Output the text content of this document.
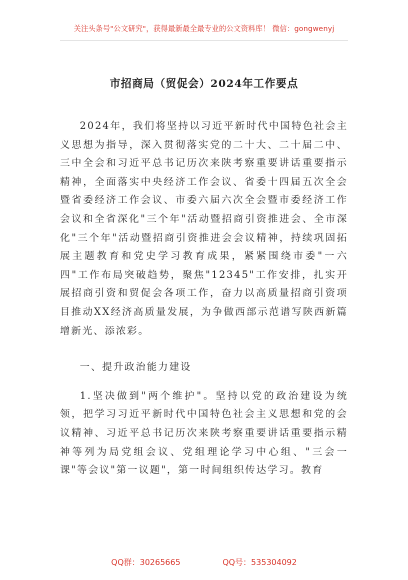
关注头条号"公文研究"，获得最新最全最专业的公文资料库！ 微信：gongwenyj
市招商局（贸促会）2024年工作要点

2024年，我们将坚持以习近平新时代中国特色社会主义思想为指导，深入贯彻落实党的二十大、二十届二中、三中全会和习近平总书记历次来陕考察重要讲话重要指示精神，全面落实中央经济工作会议、省委十四届五次全会暨省委经济工作会议、市委六届六次全会暨市委经济工作会议和全省深化"三个年"活动暨招商引资推进会、全市深化"三个年"活动暨招商引资推进会会议精神，持续巩固拓展主题教育和党史学习教育成果，紧紧围绕市委"一六四"工作布局突破趋势，聚焦"12345"工作安排，扎实开展招商引资和贸促会各项工作，奋力以高质量招商引资项目推动XX经济高质量发展，为争做西部示范谱写陕西新篇增新光、添浓彩。

一、提升政治能力建设

1.坚决做到"两个维护"。坚持以党的政治建设为统领，把学习习近平新时代中国特色社会主义思想和党的会议精神、习近平总书记历次来陕考察重要讲话重要指示精神等列为局党组会议、党组理论学习中心组、"三会一课"等会议"第一议题"，第一时间组织传达学习。教育

QQ群：30265665	QQ号：535304092
